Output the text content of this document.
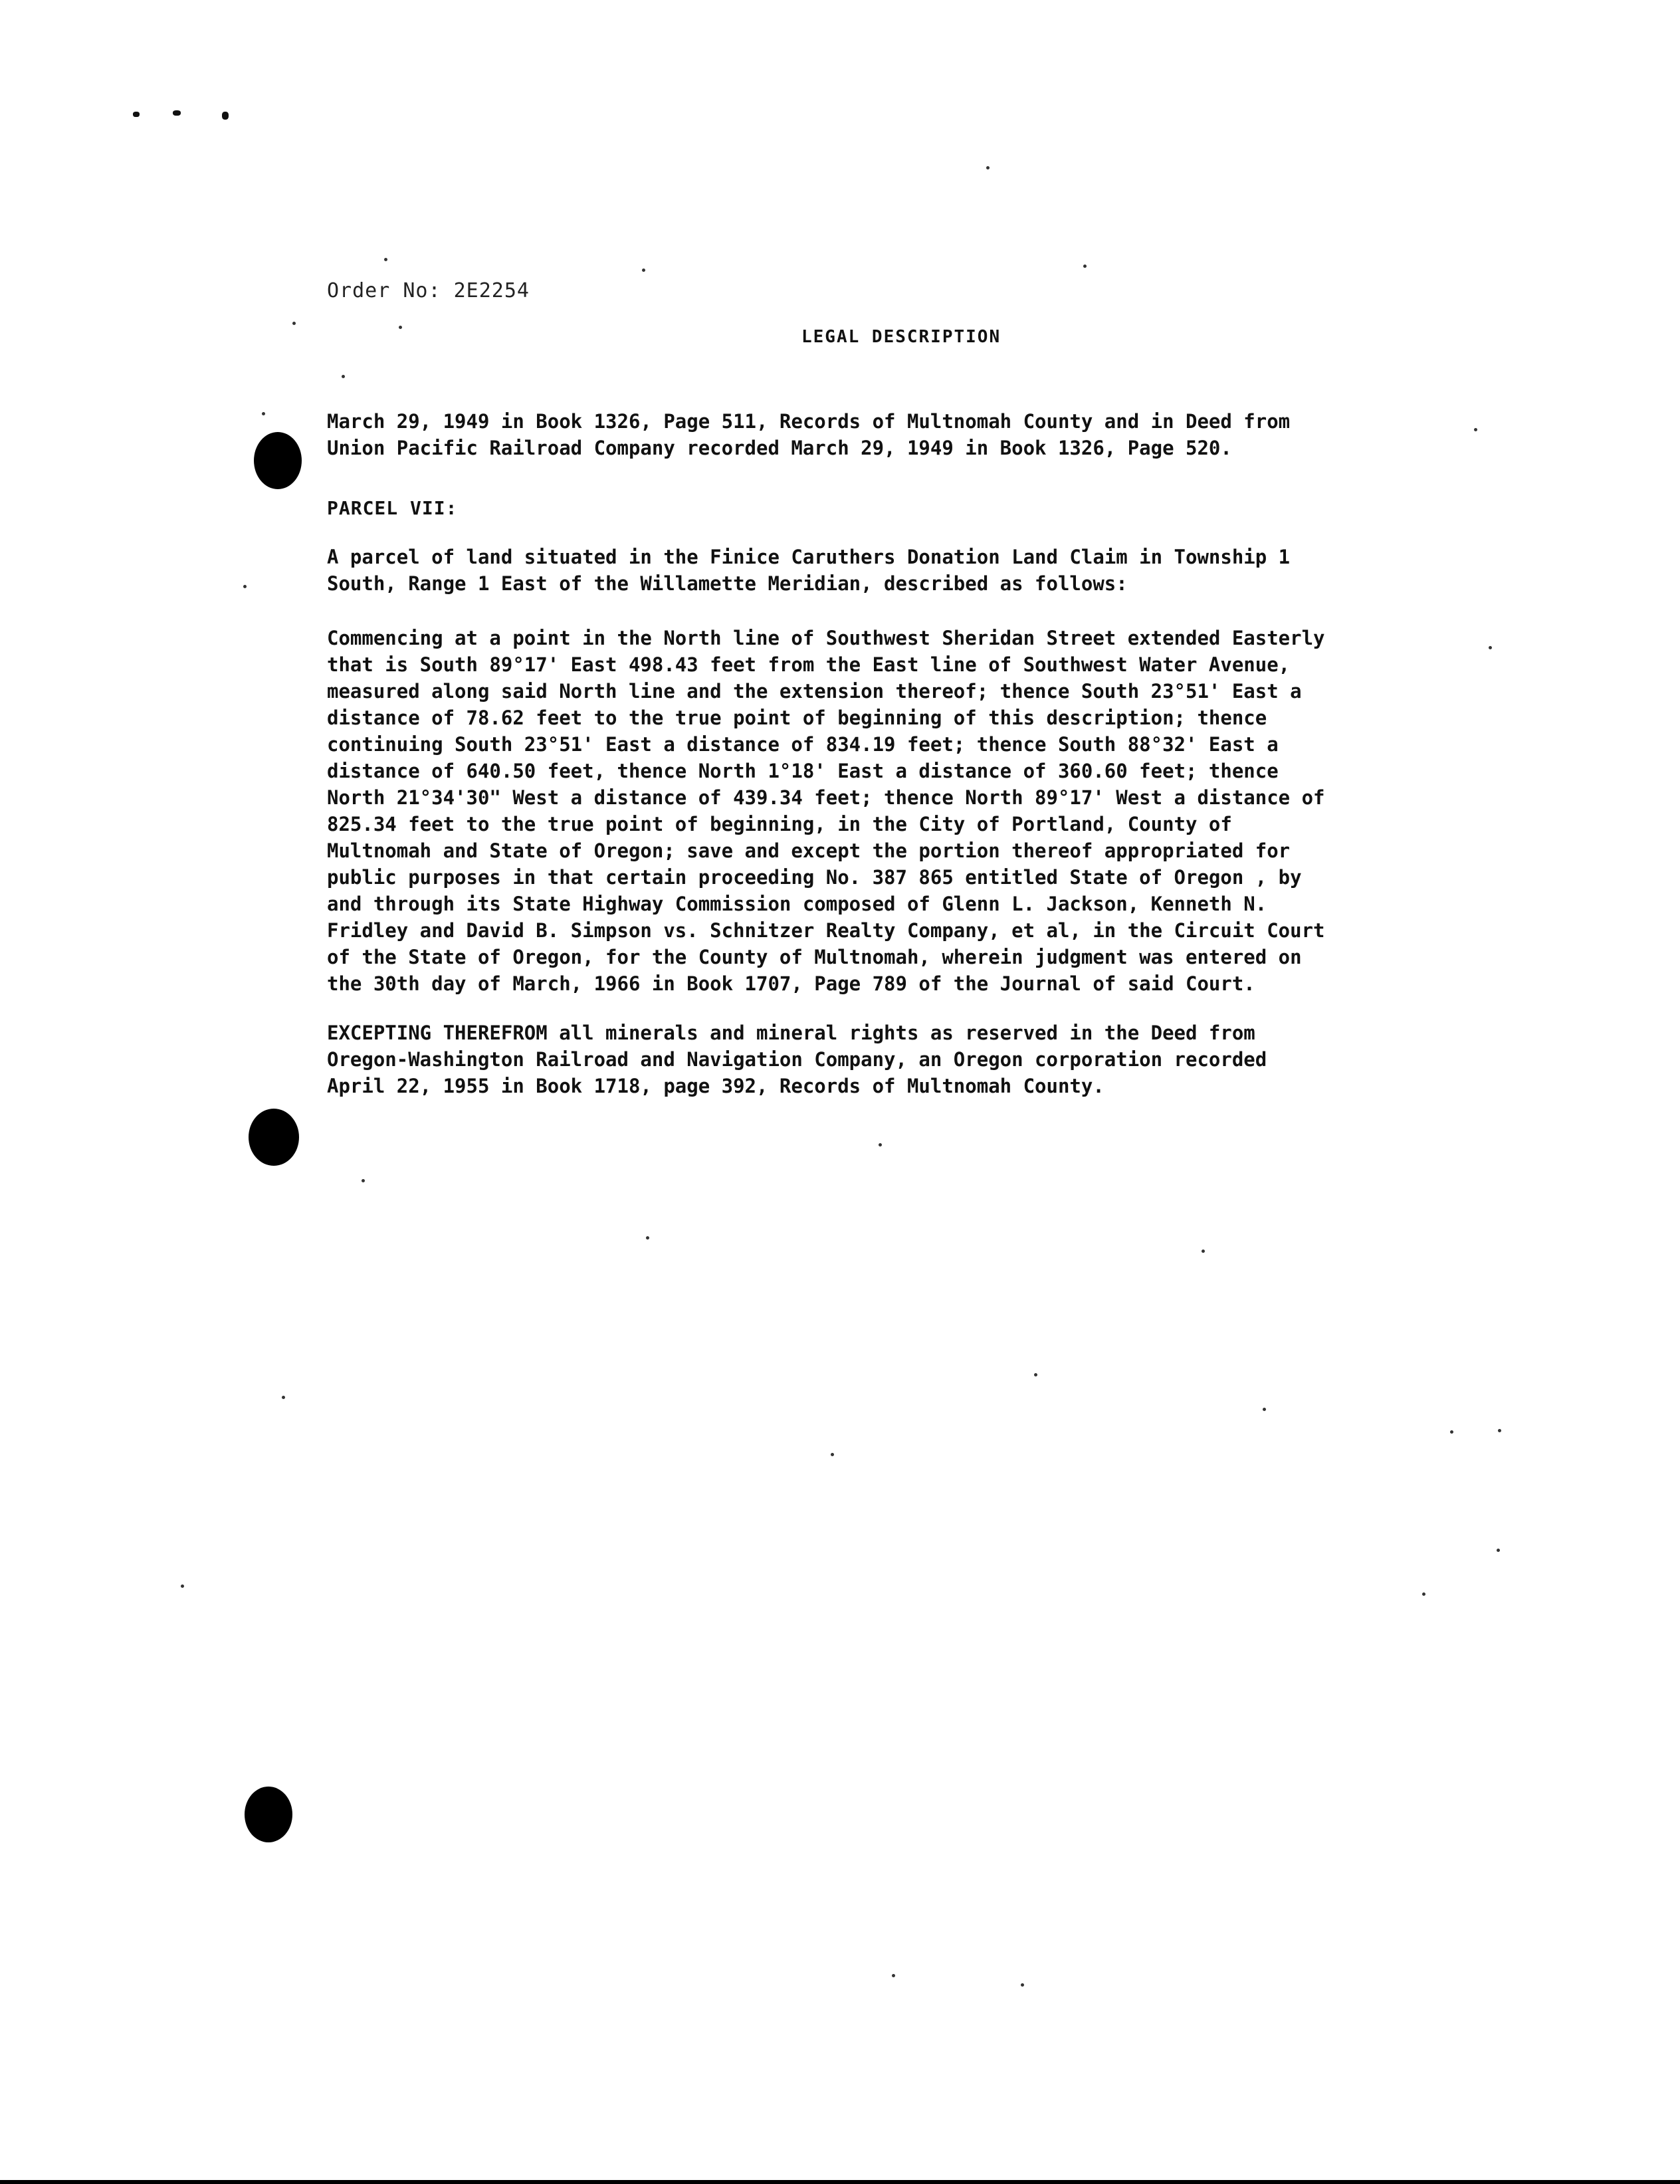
Order No: 2E2254
LEGAL DESCRIPTION
March 29, 1949 in Book 1326, Page 511, Records of Multnomah County and in Deed from
Union Pacific Railroad Company recorded March 29, 1949 in Book 1326, Page 520.
PARCEL VII:
A parcel of land situated in the Finice Caruthers Donation Land Claim in Township 1
South, Range 1 East of the Willamette Meridian, described as follows:
Commencing at a point in the North line of Southwest Sheridan Street extended Easterly
that is South 89°17' East 498.43 feet from the East line of Southwest Water Avenue,
measured along said North line and the extension thereof; thence South 23°51' East a
distance of 78.62 feet to the true point of beginning of this description; thence
continuing South 23°51' East a distance of 834.19 feet; thence South 88°32' East a
distance of 640.50 feet, thence North 1°18' East a distance of 360.60 feet; thence
North 21°34'30" West a distance of 439.34 feet; thence North 89°17' West a distance of
825.34 feet to the true point of beginning, in the City of Portland, County of
Multnomah and State of Oregon; save and except the portion thereof appropriated for
public purposes in that certain proceeding No. 387 865 entitled State of Oregon , by
and through its State Highway Commission composed of Glenn L. Jackson, Kenneth N.
Fridley and David B. Simpson vs. Schnitzer Realty Company, et al, in the Circuit Court
of the State of Oregon, for the County of Multnomah, wherein judgment was entered on
the 30th day of March, 1966 in Book 1707, Page 789 of the Journal of said Court.
EXCEPTING THEREFROM all minerals and mineral rights as reserved in the Deed from
Oregon-Washington Railroad and Navigation Company, an Oregon corporation recorded
April 22, 1955 in Book 1718, page 392, Records of Multnomah County.
